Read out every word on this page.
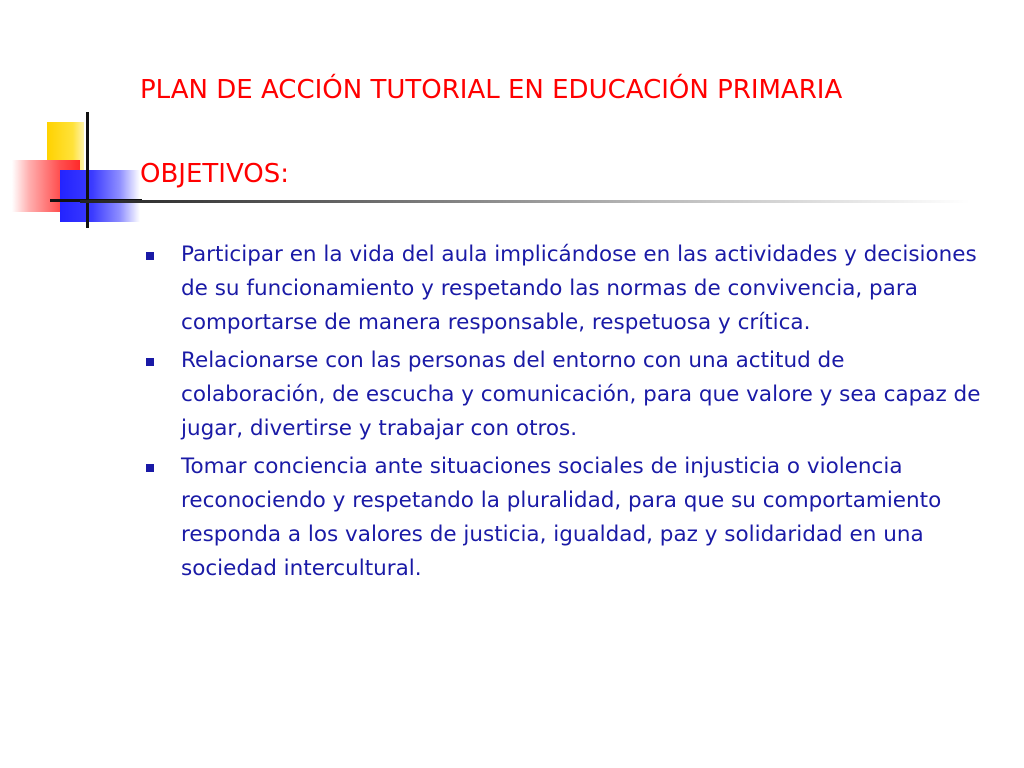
PLAN DE ACCIÓN TUTORIAL EN EDUCACIÓN PRIMARIA
OBJETIVOS:
Participar en la vida del aula implicándose en las actividades y decisiones de su funcionamiento y respetando las normas de convivencia, para comportarse de manera responsable, respetuosa y crítica.
Relacionarse con las personas del entorno con una actitud de colaboración, de escucha y comunicación, para que valore y sea capaz de jugar, divertirse y trabajar con otros.
Tomar conciencia ante situaciones sociales de injusticia o violencia reconociendo y respetando la pluralidad, para que su comportamiento responda a los valores de justicia, igualdad, paz y solidaridad en una sociedad intercultural.
